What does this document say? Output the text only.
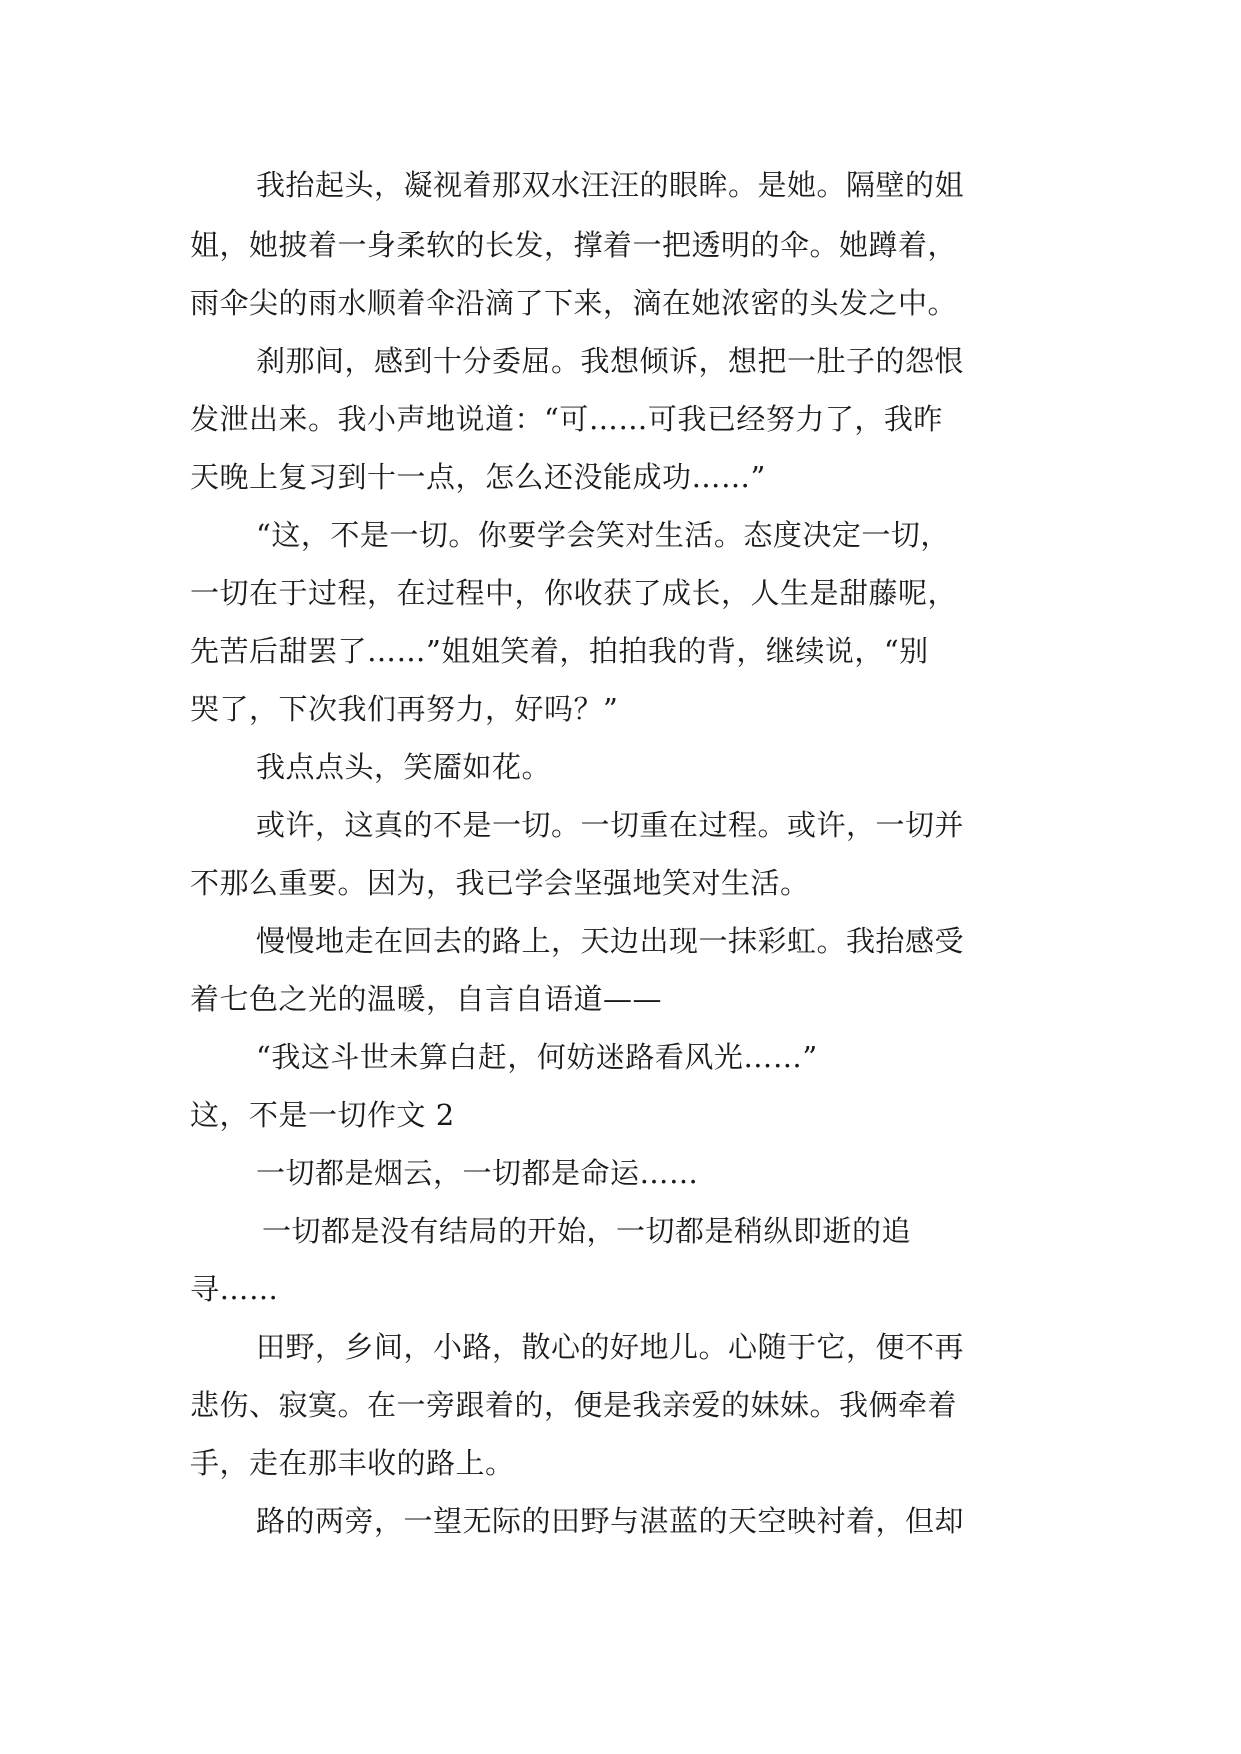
我抬起头，凝视着那双水汪汪的眼眸。是她。隔壁的姐
姐，她披着一身柔软的长发，撑着一把透明的伞。她蹲着，
雨伞尖的雨水顺着伞沿滴了下来，滴在她浓密的头发之中。
刹那间，感到十分委屈。我想倾诉，想把一肚子的怨恨
发泄出来。我小声地说道：“可……可我已经努力了，我昨
天晚上复习到十一点，怎么还没能成功……”
“这，不是一切。你要学会笑对生活。态度决定一切，
一切在于过程，在过程中，你收获了成长，人生是甜藤呢，
先苦后甜罢了……”姐姐笑着，拍拍我的背，继续说，“别
哭了，下次我们再努力，好吗？”
我点点头，笑靥如花。
或许，这真的不是一切。一切重在过程。或许，一切并
不那么重要。因为，我已学会坚强地笑对生活。
慢慢地走在回去的路上，天边出现一抹彩虹。我抬感受
着七色之光的温暖，自言自语道——
“我这斗世未算白赶，何妨迷路看风光……”
这，不是一切作文 2
一切都是烟云，一切都是命运……
一切都是没有结局的开始，一切都是稍纵即逝的追
寻……
田野，乡间，小路，散心的好地儿。心随于它，便不再
悲伤、寂寞。在一旁跟着的，便是我亲爱的妹妹。我俩牵着
手，走在那丰收的路上。
路的两旁，一望无际的田野与湛蓝的天空映衬着，但却
